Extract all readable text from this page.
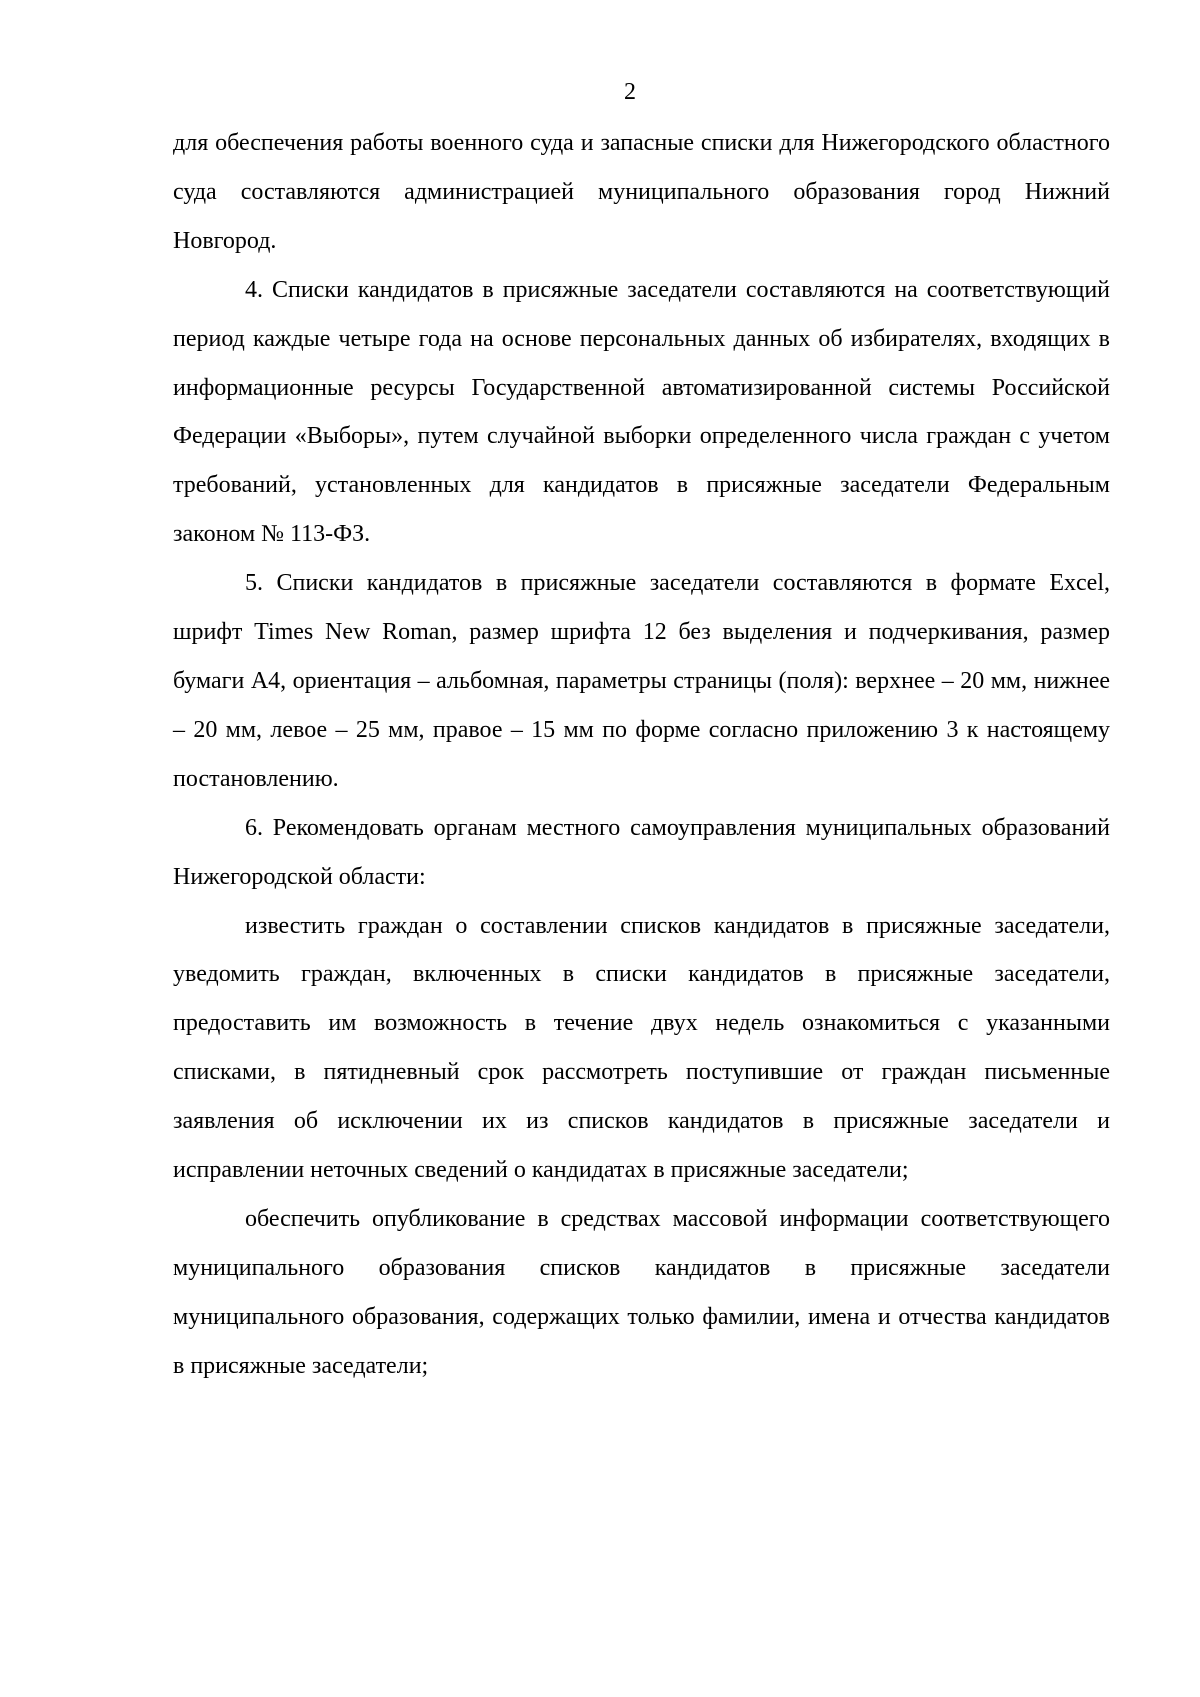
2

для обеспечения работы военного суда и запасные списки для Нижегородского областного суда составляются администрацией муниципального образования город Нижний Новгород.

4. Списки кандидатов в присяжные заседатели составляются на соответствующий период каждые четыре года на основе персональных данных об избирателях, входящих в информационные ресурсы Государственной автоматизированной системы Российской Федерации «Выборы», путем случайной выборки определенного числа граждан с учетом требований, установленных для кандидатов в присяжные заседатели Федеральным законом № 113-ФЗ.

5. Списки кандидатов в присяжные заседатели составляются в формате Excel, шрифт Times New Roman, размер шрифта 12 без выделения и подчеркивания, размер бумаги А4, ориентация – альбомная, параметры страницы (поля): верхнее – 20 мм, нижнее – 20 мм, левое – 25 мм, правое – 15 мм по форме согласно приложению 3 к настоящему постановлению.

6. Рекомендовать органам местного самоуправления муниципальных образований Нижегородской области:

известить граждан о составлении списков кандидатов в присяжные заседатели, уведомить граждан, включенных в списки кандидатов в присяжные заседатели, предоставить им возможность в течение двух недель ознакомиться с указанными списками, в пятидневный срок рассмотреть поступившие от граждан письменные заявления об исключении их из списков кандидатов в присяжные заседатели и исправлении неточных сведений о кандидатах в присяжные заседатели;

обеспечить опубликование в средствах массовой информации соответствующего муниципального образования списков кандидатов в присяжные заседатели муниципального образования, содержащих только фамилии, имена и отчества кандидатов в присяжные заседатели;
